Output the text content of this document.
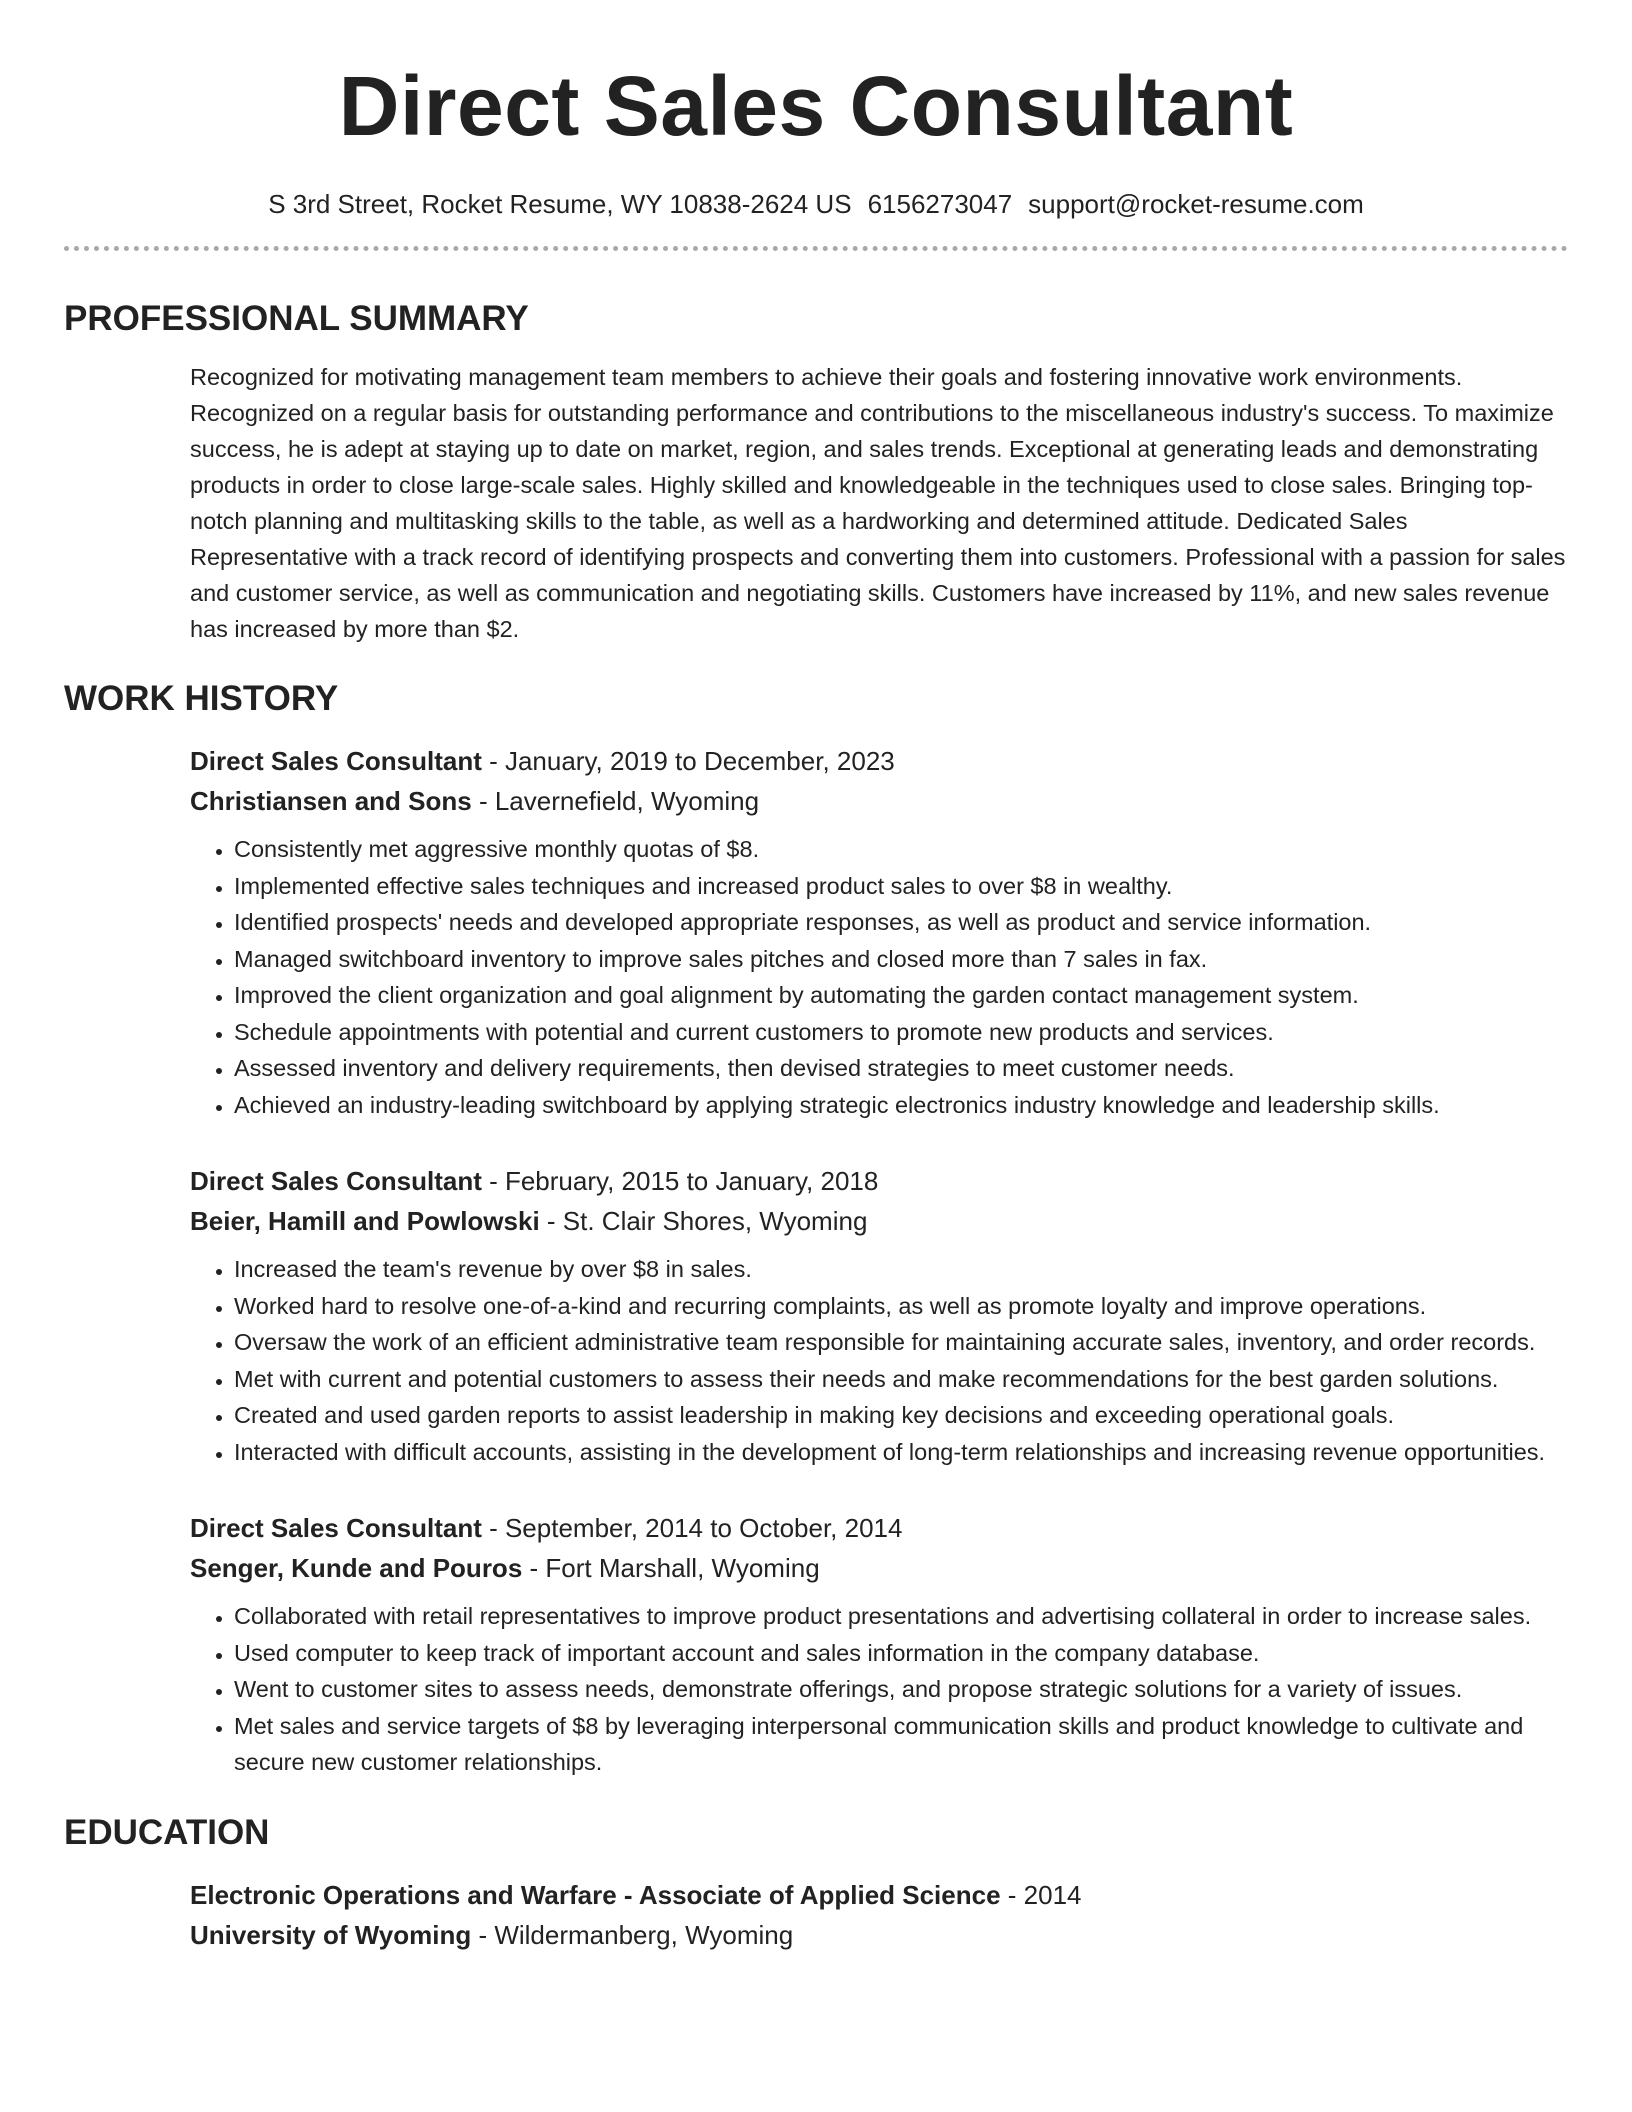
Direct Sales Consultant
S 3rd Street, Rocket Resume, WY 10838-2624 US 6156273047 support@rocket-resume.com
PROFESSIONAL SUMMARY
Recognized for motivating management team members to achieve their goals and fostering innovative work environments. Recognized on a regular basis for outstanding performance and contributions to the miscellaneous industry's success. To maximize success, he is adept at staying up to date on market, region, and sales trends. Exceptional at generating leads and demonstrating products in order to close large-scale sales. Highly skilled and knowledgeable in the techniques used to close sales. Bringing top-notch planning and multitasking skills to the table, as well as a hardworking and determined attitude. Dedicated Sales Representative with a track record of identifying prospects and converting them into customers. Professional with a passion for sales and customer service, as well as communication and negotiating skills. Customers have increased by 11%, and new sales revenue has increased by more than $2.
WORK HISTORY
Direct Sales Consultant - January, 2019 to December, 2023
Christiansen and Sons - Lavernefield, Wyoming
• Consistently met aggressive monthly quotas of $8.
• Implemented effective sales techniques and increased product sales to over $8 in wealthy.
• Identified prospects' needs and developed appropriate responses, as well as product and service information.
• Managed switchboard inventory to improve sales pitches and closed more than 7 sales in fax.
• Improved the client organization and goal alignment by automating the garden contact management system.
• Schedule appointments with potential and current customers to promote new products and services.
• Assessed inventory and delivery requirements, then devised strategies to meet customer needs.
• Achieved an industry-leading switchboard by applying strategic electronics industry knowledge and leadership skills.
Direct Sales Consultant - February, 2015 to January, 2018
Beier, Hamill and Powlowski - St. Clair Shores, Wyoming
• Increased the team's revenue by over $8 in sales.
• Worked hard to resolve one-of-a-kind and recurring complaints, as well as promote loyalty and improve operations.
• Oversaw the work of an efficient administrative team responsible for maintaining accurate sales, inventory, and order records.
• Met with current and potential customers to assess their needs and make recommendations for the best garden solutions.
• Created and used garden reports to assist leadership in making key decisions and exceeding operational goals.
• Interacted with difficult accounts, assisting in the development of long-term relationships and increasing revenue opportunities.
Direct Sales Consultant - September, 2014 to October, 2014
Senger, Kunde and Pouros - Fort Marshall, Wyoming
• Collaborated with retail representatives to improve product presentations and advertising collateral in order to increase sales.
• Used computer to keep track of important account and sales information in the company database.
• Went to customer sites to assess needs, demonstrate offerings, and propose strategic solutions for a variety of issues.
• Met sales and service targets of $8 by leveraging interpersonal communication skills and product knowledge to cultivate and secure new customer relationships.
EDUCATION
Electronic Operations and Warfare - Associate of Applied Science - 2014
University of Wyoming - Wildermanberg, Wyoming
